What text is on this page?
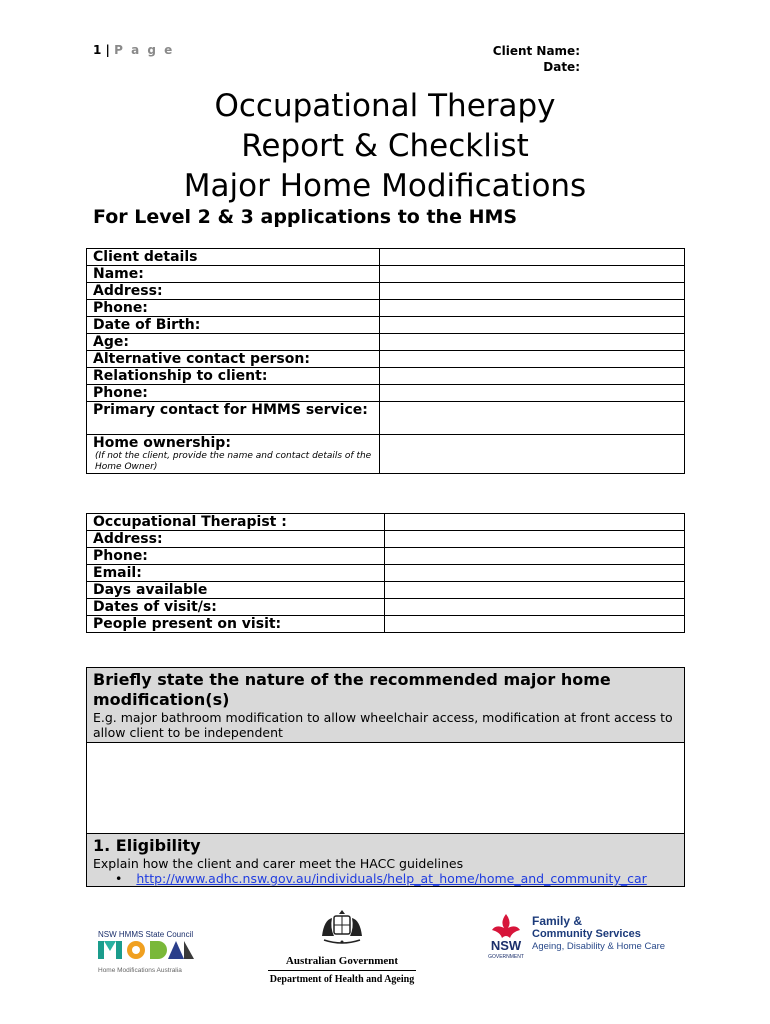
1 | P a g e	Client Name:
Date:
Occupational Therapy
Report & Checklist
Major Home Modifications
For Level 2 & 3 applications to the HMS
Client details	
Name:	
Address:	
Phone:	
Date of Birth:	
Age:	
Alternative contact person:	
Relationship to client:	
Phone:	
Primary contact for HMMS service:	
Home ownership:
(If not the client, provide the name and contact details of the Home Owner)	

Occupational Therapist :	
Address:	
Phone:	
Email:	
Days available	
Dates of visit/s:	
People present on visit:	
Briefly state the nature of the recommended major home modification(s)
E.g. major bathroom modification to allow wheelchair access, modification at front access to allow client to be independent

1. Eligibility
Explain how the client and carer meet the HACC guidelines
• http://www.adhc.nsw.gov.au/individuals/help_at_home/home_and_community_car
NSW HMMS State Council
Home Modifications Australia
Australian Government
Department of Health and Ageing
NSW
GOVERNMENT
Family &
Community Services
Ageing, Disability & Home Care
